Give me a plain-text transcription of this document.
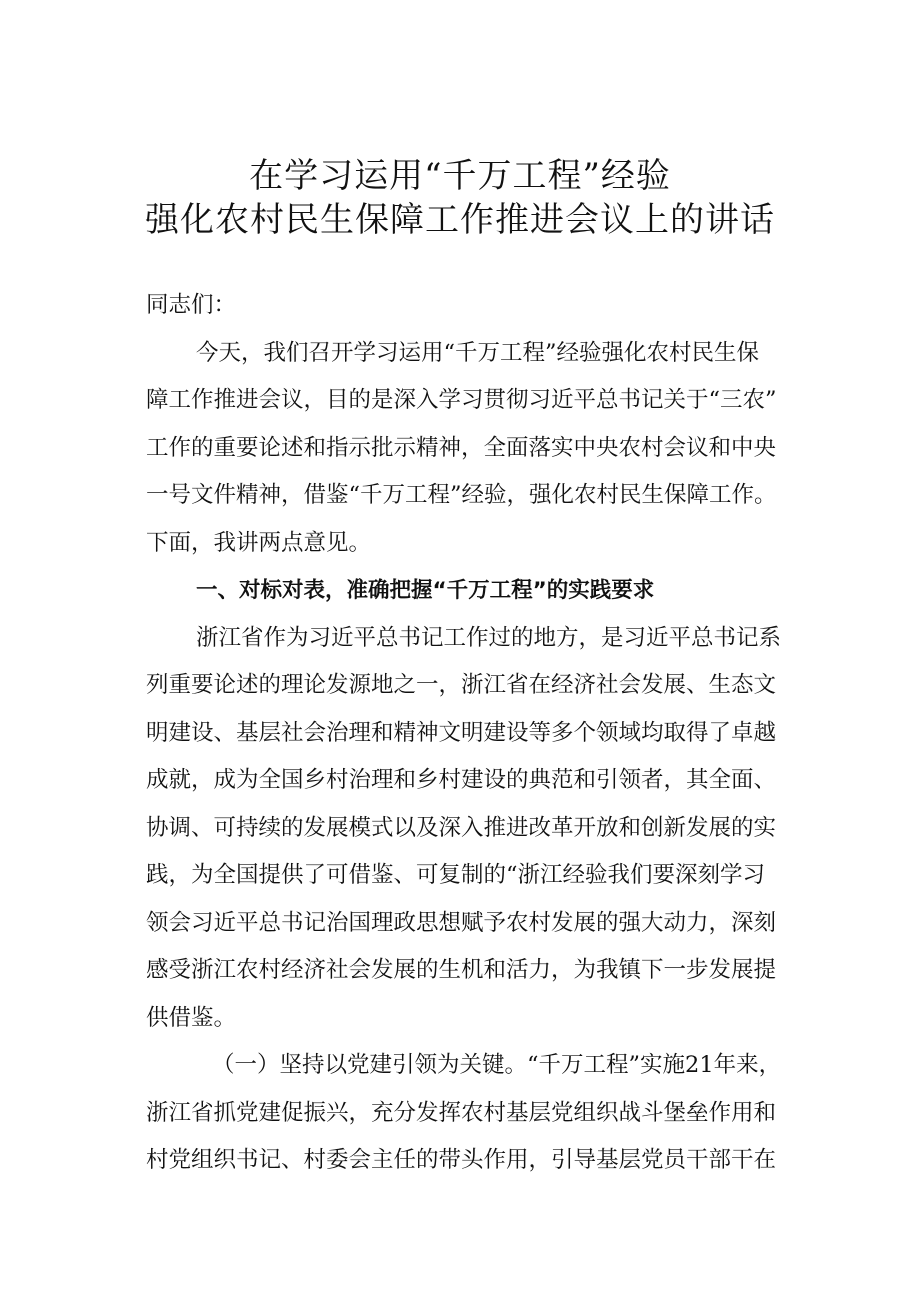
在学习运用“千万工程”经验
强化农村民生保障工作推进会议上的讲话
同志们：
今天，我们召开学习运用“千万工程”经验强化农村民生保
障工作推进会议，目的是深入学习贯彻习近平总书记关于“三农”
工作的重要论述和指示批示精神，全面落实中央农村会议和中央
一号文件精神，借鉴“千万工程”经验，强化农村民生保障工作。
下面，我讲两点意见。
一、对标对表，准确把握“千万工程”的实践要求
浙江省作为习近平总书记工作过的地方，是习近平总书记系
列重要论述的理论发源地之一，浙江省在经济社会发展、生态文
明建设、基层社会治理和精神文明建设等多个领域均取得了卓越
成就，成为全国乡村治理和乡村建设的典范和引领者，其全面、
协调、可持续的发展模式以及深入推进改革开放和创新发展的实
践，为全国提供了可借鉴、可复制的“浙江经验我们要深刻学习
领会习近平总书记治国理政思想赋予农村发展的强大动力，深刻
感受浙江农村经济社会发展的生机和活力，为我镇下一步发展提
供借鉴。
（一）坚持以党建引领为关键。“千万工程”实施21年来，
浙江省抓党建促振兴，充分发挥农村基层党组织战斗堡垒作用和
村党组织书记、村委会主任的带头作用，引导基层党员干部干在
